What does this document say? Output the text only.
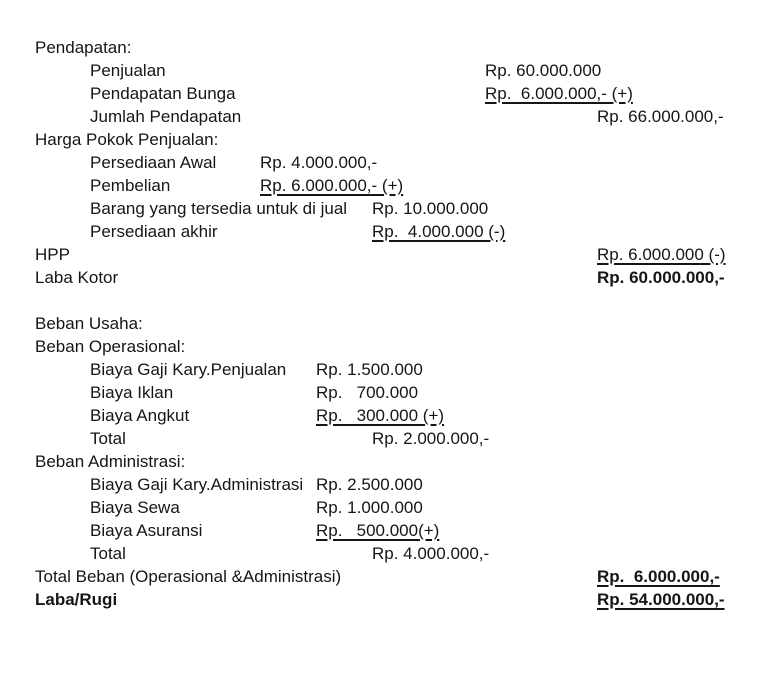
Pendapatan:
Penjualan	Rp. 60.000.000
Pendapatan Bunga	Rp.  6.000.000,- (+)
Jumlah Pendapatan	Rp. 66.000.000,-
Harga Pokok Penjualan:
Persediaan Awal	Rp. 4.000.000,-
Pembelian	Rp. 6.000.000,- (+)
Barang yang tersedia untuk di jual Rp. 10.000.000
Persediaan akhir	Rp.  4.000.000 (-)
HPP	Rp. 6.000.000 (-)
Laba Kotor	Rp. 60.000.000,-
Beban Usaha:
Beban Operasional:
Biaya Gaji Kary.Penjualan Rp. 1.500.000
Biaya Iklan	Rp.   700.000
Biaya Angkut	Rp.   300.000 (+)
Total	Rp. 2.000.000,-
Beban Administrasi:
Biaya Gaji Kary.Administrasi Rp. 2.500.000
Biaya Sewa	Rp. 1.000.000
Biaya Asuransi	Rp.   500.000(+)
Total	Rp. 4.000.000,-
Total Beban (Operasional &Administrasi)	Rp.  6.000.000,-
Laba/Rugi	Rp. 54.000.000,-
